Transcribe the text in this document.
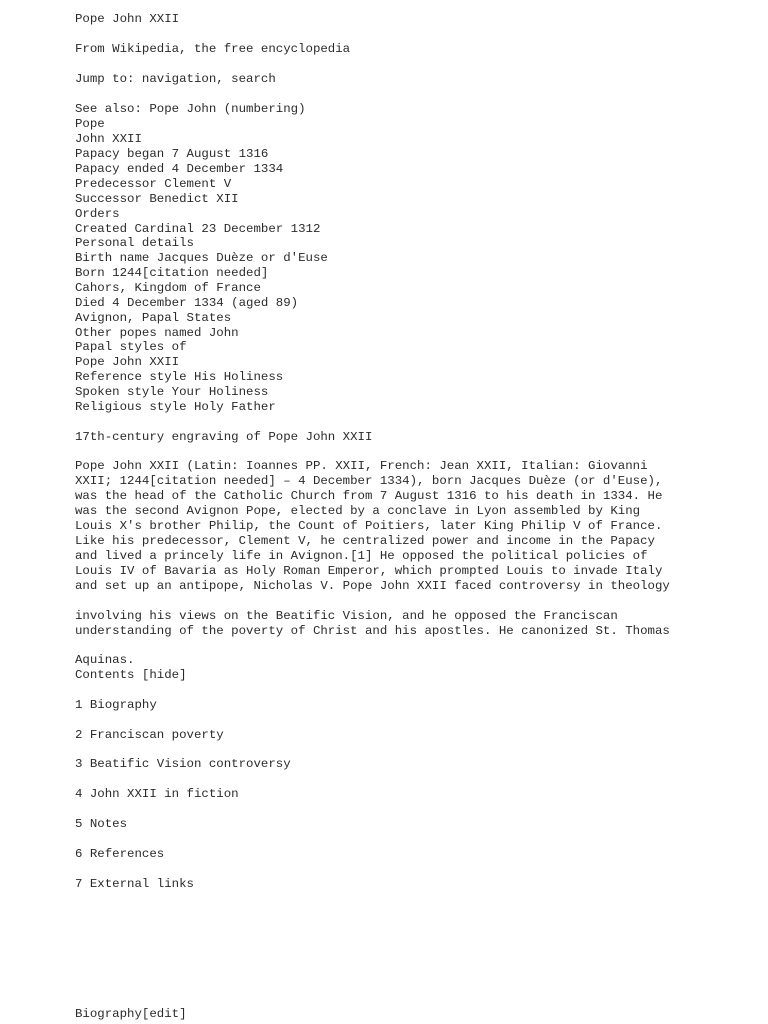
Pope John XXII
From Wikipedia, the free encyclopedia
Jump to: navigation, search
See also: Pope John (numbering)
Pope
John XXII
Papacy began 7 August 1316
Papacy ended 4 December 1334
Predecessor Clement V
Successor Benedict XII
Orders
Created Cardinal 23 December 1312
Personal details
Birth name Jacques Duèze or d'Euse
Born 1244[citation needed]
Cahors, Kingdom of France
Died 4 December 1334 (aged 89)
Avignon, Papal States
Other popes named John
Papal styles of
Pope John XXII
Reference style His Holiness
Spoken style Your Holiness
Religious style Holy Father
17th-century engraving of Pope John XXII
Pope John XXII (Latin: Ioannes PP. XXII, French: Jean XXII, Italian: Giovanni
XXII; 1244[citation needed] – 4 December 1334), born Jacques Duèze (or d'Euse),
was the head of the Catholic Church from 7 August 1316 to his death in 1334. He
was the second Avignon Pope, elected by a conclave in Lyon assembled by King
Louis X's brother Philip, the Count of Poitiers, later King Philip V of France.
Like his predecessor, Clement V, he centralized power and income in the Papacy
and lived a princely life in Avignon.[1] He opposed the political policies of
Louis IV of Bavaria as Holy Roman Emperor, which prompted Louis to invade Italy
and set up an antipope, Nicholas V. Pope John XXII faced controversy in theology
involving his views on the Beatific Vision, and he opposed the Franciscan
understanding of the poverty of Christ and his apostles. He canonized St. Thomas
Aquinas.
Contents [hide]
1 Biography
2 Franciscan poverty
3 Beatific Vision controversy
4 John XXII in fiction
5 Notes
6 References
7 External links
Biography[edit]
